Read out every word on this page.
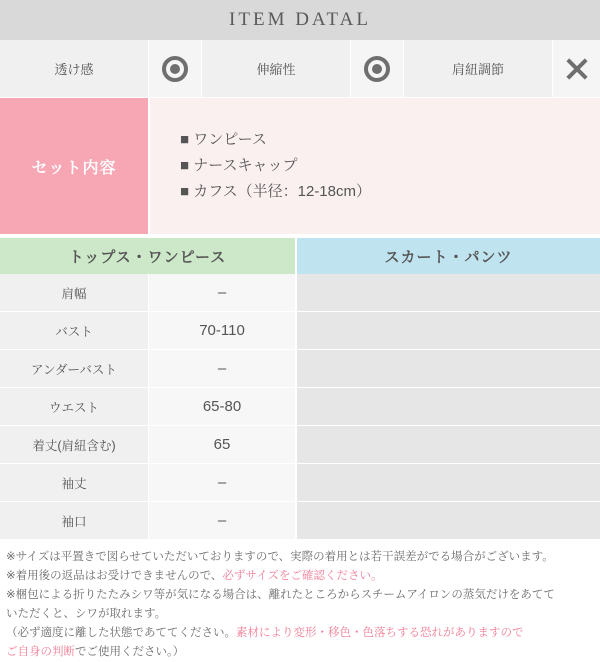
ITEM DATAL
透け感	伸縮性	肩紐調節
セット内容
■ ワンピース
■ ナースキャップ
■ カフス（半径：12-18cm）
トップス・ワンピース	スカート・パンツ
肩幅	–
バスト	70-110
アンダーバスト	–
ウエスト	65-80
着丈(肩紐含む)	65
袖丈	–
袖口	–

※サイズは平置きで図らせていただいておりますので、実際の着用とは若干誤差がでる場合がございます。

※着用後の返品はお受けできませんので、必ずサイズをご確認ください。

※梱包による折りたたみシワ等が気になる場合は、離れたところからスチームアイロンの蒸気だけをあてて

いただくと、シワが取れます。

（必ず適度に離した状態であててください。素材により変形・移色・色落ちする恐れがありますので

ご自身の判断でご使用ください。）
